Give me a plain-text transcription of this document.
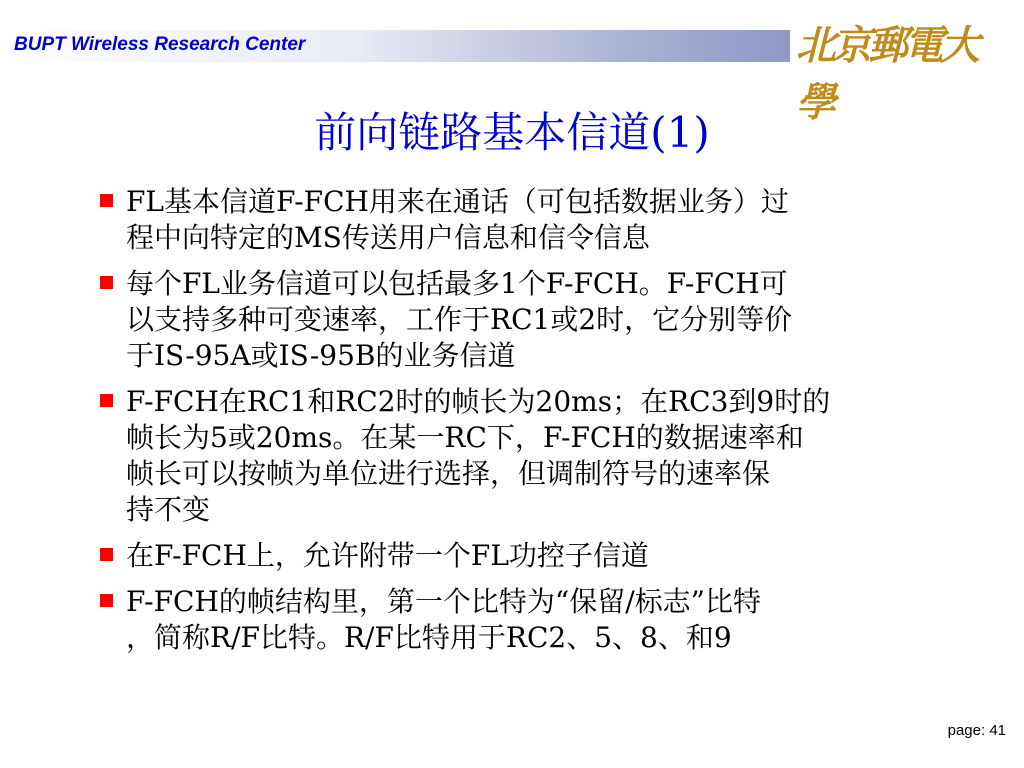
BUPT Wireless Research Center	北京郵電大學
前向链路基本信道(1)
FL基本信道F-FCH用来在通话（可包括数据业务）过
程中向特定的MS传送用户信息和信令信息
每个FL业务信道可以包括最多1个F-FCH。F-FCH可
以支持多种可变速率，工作于RC1或2时，它分别等价
于IS-95A或IS-95B的业务信道
F-FCH在RC1和RC2时的帧长为20ms；在RC3到9时的
帧长为5或20ms。在某一RC下，F-FCH的数据速率和
帧长可以按帧为单位进行选择，但调制符号的速率保
持不变
在F-FCH上，允许附带一个FL功控子信道
F-FCH的帧结构里，第一个比特为“保留/标志”比特
，简称R/F比特。R/F比特用于RC2、5、8、和9
page: 41
